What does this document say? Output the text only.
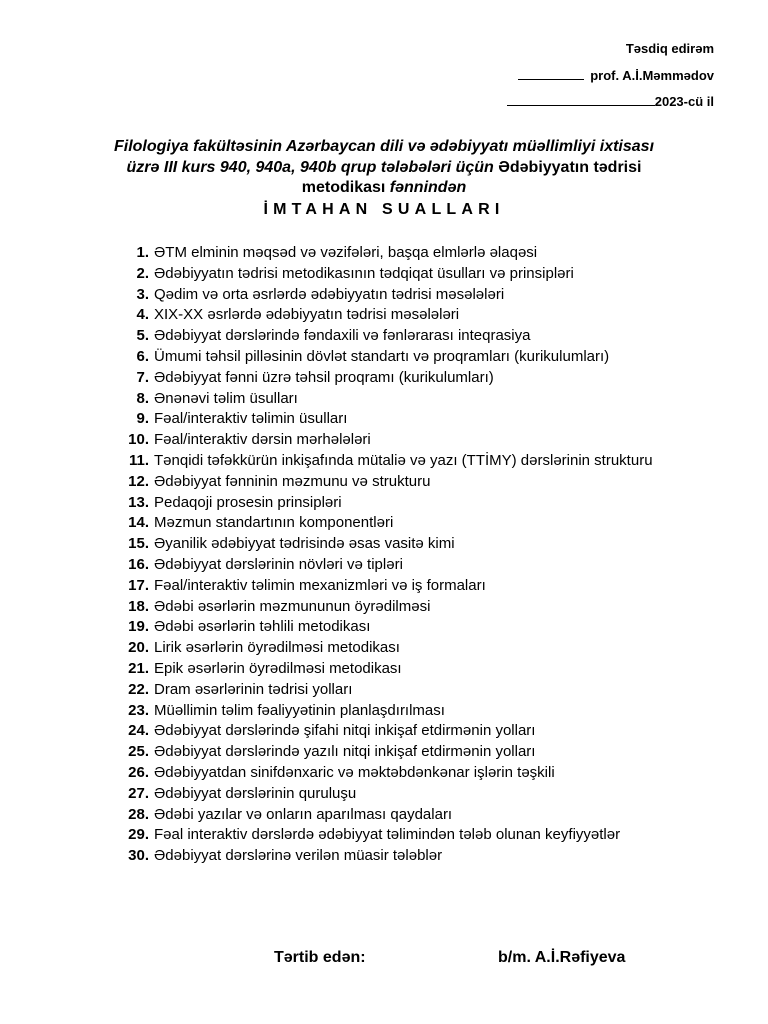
Təsdiq edirəm
prof. A.İ.Məmmədov
2023-cü il
Filologiya fakültəsinin Azərbaycan dili və ədəbiyyatı müəllimliyi ixtisası üzrə III kurs 940, 940a, 940b qrup tələbələri üçün Ədəbiyyatın tədrisi metodikası fənnindən
İMTAHAN SUALLARI
1. ƏTM elminin məqsəd və vəzifələri, başqa elmlərlə əlaqəsi
2. Ədəbiyyatın tədrisi metodikasının tədqiqat üsulları və prinsipləri
3. Qədim və orta əsrlərdə ədəbiyyatın tədrisi məsələləri
4. XIX-XX əsrlərdə ədəbiyyatın tədrisi məsələləri
5. Ədəbiyyat dərslərində fəndaxili və fənlərarası inteqrasiya
6. Ümumi təhsil pilləsinin dövlət standartı və proqramları (kurikulumları)
7. Ədəbiyyat fənni üzrə təhsil proqramı (kurikulumları)
8. Ənənəvi təlim üsulları
9. Fəal/interaktiv təlimin üsulları
10. Fəal/interaktiv dərsin mərhələləri
11. Tənqidi təfəkkürün inkişafında mütaliə və yazı (TTİMY) dərslərinin strukturu
12. Ədəbiyyat fənninin məzmunu və strukturu
13. Pedaqoji prosesin prinsipləri
14. Məzmun standartının komponentləri
15. Əyanilik ədəbiyyat tədrisində əsas vasitə kimi
16. Ədəbiyyat dərslərinin növləri və tipləri
17. Fəal/interaktiv təlimin mexanizmləri və iş formaları
18. Ədəbi əsərlərin məzmununun öyrədilməsi
19. Ədəbi əsərlərin təhlili metodikası
20. Lirik əsərlərin öyrədilməsi metodikası
21. Epik əsərlərin öyrədilməsi metodikası
22. Dram əsərlərinin tədrisi yolları
23. Müəllimin təlim fəaliyyətinin planlaşdırılması
24. Ədəbiyyat dərslərində şifahi nitqi inkişaf etdirmənin yolları
25. Ədəbiyyat dərslərində yazılı nitqi inkişaf etdirmənin yolları
26. Ədəbiyyatdan sinifdənxaric və məktəbdənkənar işlərin təşkili
27. Ədəbiyyat dərslərinin quruluşu
28. Ədəbi yazılar və onların aparılması qaydaları
29. Fəal interaktiv dərslərdə ədəbiyyat təlimindən tələb olunan keyfiyyətlər
30. Ədəbiyyat dərslərinə verilən müasir tələblər
Tərtib edən:	b/m. A.İ.Rəfiyeva
